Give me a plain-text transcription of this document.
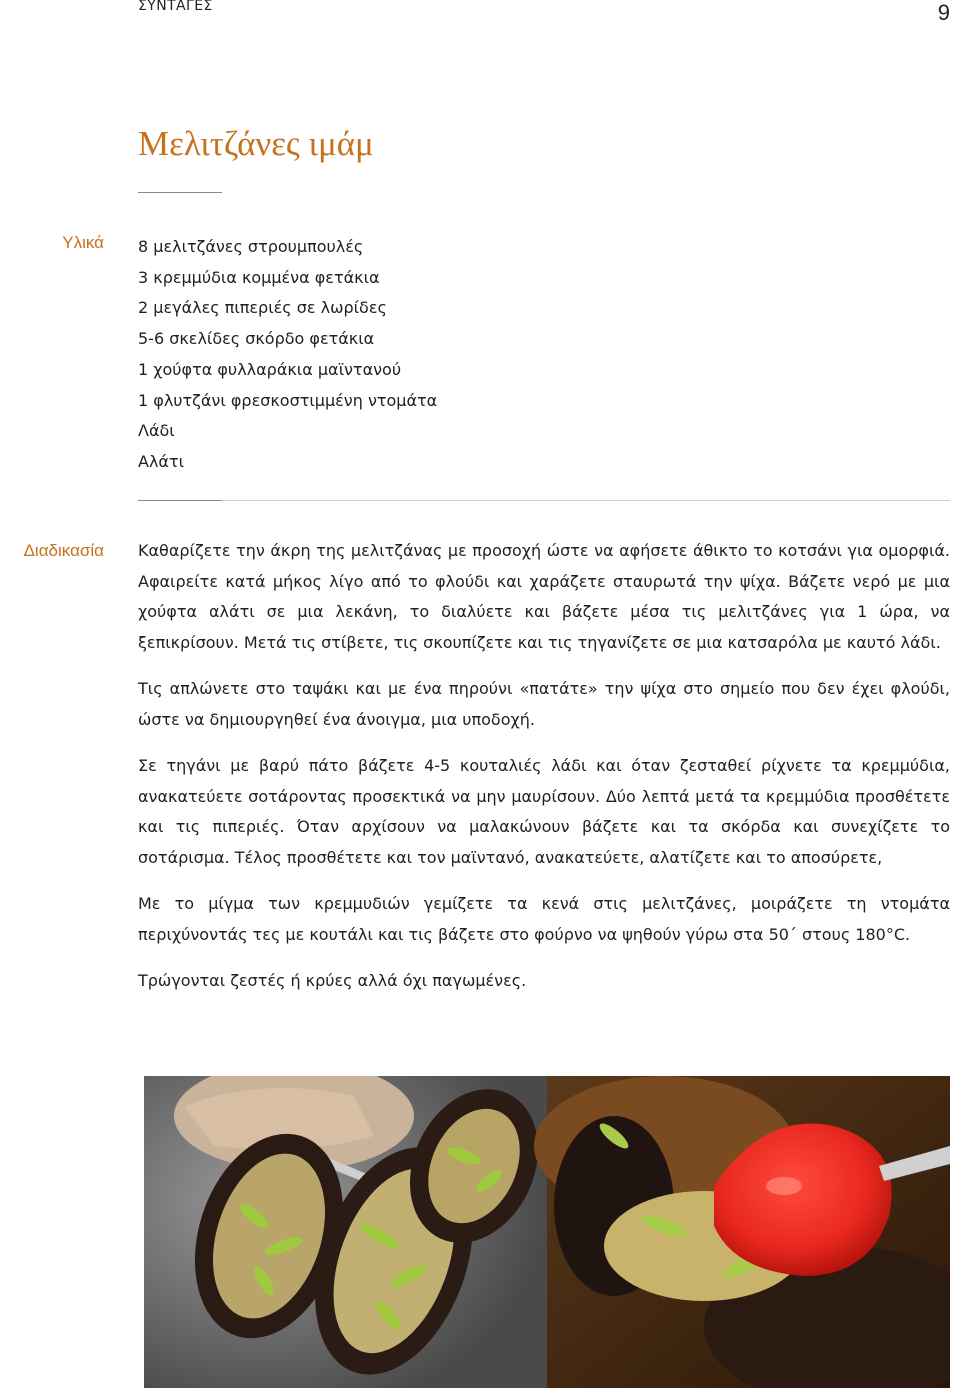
ΣΥΝΤΑΓΕΣ	9
Μελιτζάνες ιμάμ
Υλικά 8 μελιτζάνες στρουμπουλές
3 κρεμμύδια κομμένα φετάκια
2 μεγάλες πιπεριές σε λωρίδες
5-6 σκελίδες σκόρδο φετάκια
1 χούφτα φυλλαράκια μαϊντανού
1 φλυτζάνι φρεσκοστιμμένη ντομάτα
Λάδι
Αλάτι
Διαδικασία Καθαρίζετε την άκρη της μελιτζάνας με προσοχή ώστε να αφήσετε άθικτο το κοτσάνι για ομορφιά. Αφαιρείτε κατά μήκος λίγο από το φλούδι και χαράζετε σταυρωτά την ψίχα. Βάζετε νερό με μια χούφτα αλάτι σε μια λεκάνη, το διαλύετε και βάζετε μέσα τις μελιτζάνες για 1 ώρα, να ξεπικρίσουν. Μετά τις στίβετε, τις σκουπίζετε και τις τηγανίζετε σε μια κατσαρόλα με καυτό λάδι.

Τις απλώνετε στο ταψάκι και με ένα πηρούνι «πατάτε» την ψίχα στο σημείο που δεν έχει φλούδι, ώστε να δημιουργηθεί ένα άνοιγμα, μια υποδοχή.

Σε τηγάνι με βαρύ πάτο βάζετε 4-5 κουταλιές λάδι και όταν ζεσταθεί ρίχνετε τα κρεμμύδια, ανακατεύετε σοτάροντας προσεκτικά να μην μαυρίσουν. Δύο λεπτά μετά τα κρεμμύδια προσθέτετε και τις πιπεριές. Όταν αρχίσουν να μαλακώνουν βάζετε και τα σκόρδα και συνεχίζετε το σοτάρισμα. Τέλος προσθέτετε και τον μαϊντανό, ανακατεύετε, αλατίζετε και το αποσύρετε,

Με το μίγμα των κρεμμυδιών γεμίζετε τα κενά στις μελιτζάνες, μοιράζετε τη ντομάτα περιχύνοντάς τες με κουτάλι και τις βάζετε στο φούρνο να ψηθούν γύρω στα 50΄ στους 180°C.

Τρώγονται ζεστές ή κρύες αλλά όχι παγωμένες.
